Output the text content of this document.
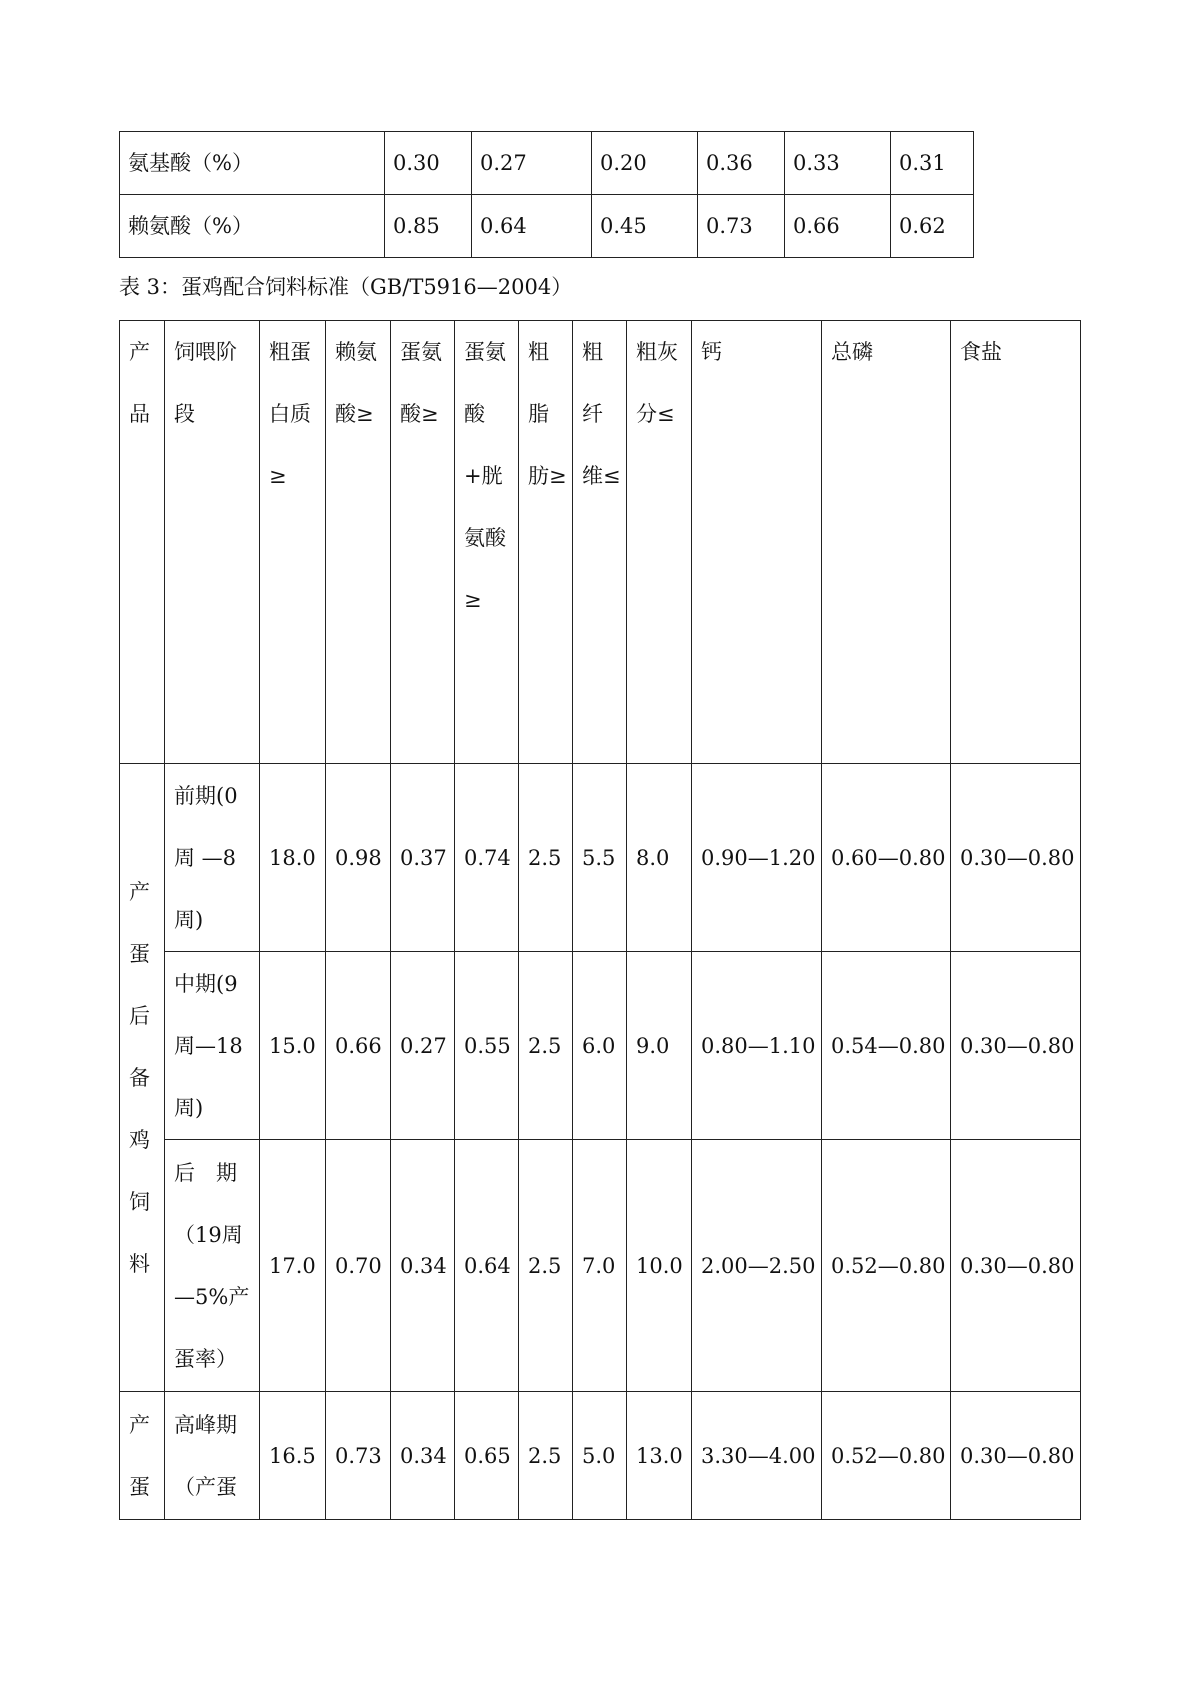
氨基酸（%）	0.30	0.27	0.20	0.36	0.33	0.31

赖氨酸（%）	0.85	0.64	0.45	0.73	0.66	0.62
表 3：蛋鸡配合饲料标准（GB/T5916—2004）
产品	饲喂阶段	粗蛋白质≥	赖氨酸≥	蛋氨酸≥	蛋氨酸+胱氨酸≥	粗脂肪≥	粗纤维≤	粗灰分≤	钙	总磷	食盐

产蛋后备鸡饲料	前期(0周 —8周)	18.0	0.98	0.37	0.74	2.5	5.5	8.0	0.90—1.20	0.60—0.80	0.30—0.80

	中期(9周—18周)	15.0	0.66	0.27	0.55	2.5	6.0	9.0	0.80—1.10	0.54—0.80	0.30—0.80

	后　期（19周—5%产蛋率）	17.0	0.70	0.34	0.64	2.5	7.0	10.0	2.00—2.50	0.52—0.80	0.30—0.80

产蛋	高峰期（产蛋	16.5	0.73	0.34	0.65	2.5	5.0	13.0	3.30—4.00	0.52—0.80	0.30—0.80
